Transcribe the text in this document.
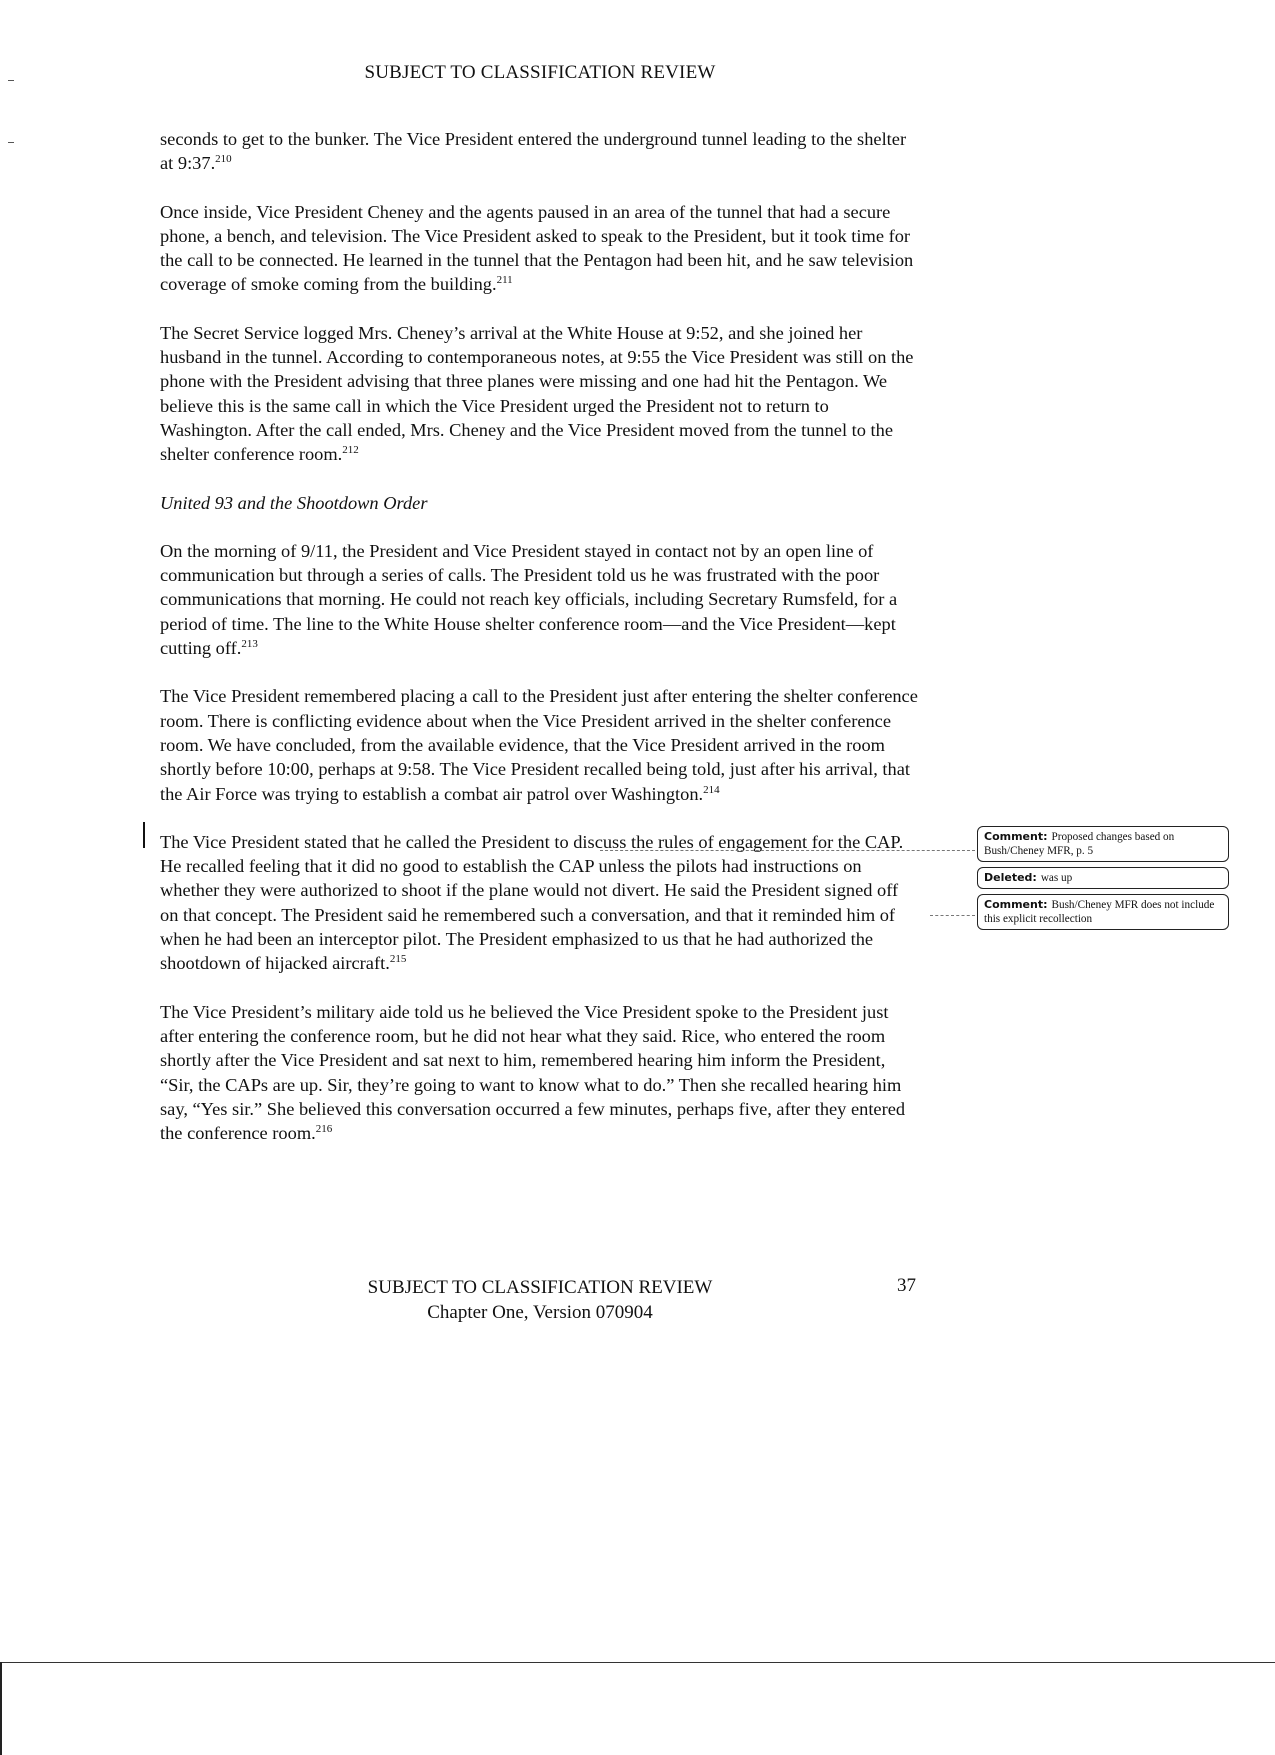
SUBJECT TO CLASSIFICATION REVIEW

seconds to get to the bunker. The Vice President entered the underground tunnel leading to the shelter at 9:37.$^{210}$

Once inside, Vice President Cheney and the agents paused in an area of the tunnel that had a secure phone, a bench, and television. The Vice President asked to speak to the President, but it took time for the call to be connected. He learned in the tunnel that the Pentagon had been hit, and he saw television coverage of smoke coming from the building.$^{211}$

The Secret Service logged Mrs. Cheney’s arrival at the White House at 9:52, and she joined her husband in the tunnel. According to contemporaneous notes, at 9:55 the Vice President was still on the phone with the President advising that three planes were missing and one had hit the Pentagon. We believe this is the same call in which the Vice President urged the President not to return to Washington. After the call ended, Mrs. Cheney and the Vice President moved from the tunnel to the shelter conference room.$^{212}$

United 93 and the Shootdown Order

On the morning of 9/11, the President and Vice President stayed in contact not by an open line of communication but through a series of calls. The President told us he was frustrated with the poor communications that morning. He could not reach key officials, including Secretary Rumsfeld, for a period of time. The line to the White House shelter conference room—and the Vice President—kept cutting off.$^{213}$

The Vice President remembered placing a call to the President just after entering the shelter conference room. There is conflicting evidence about when the Vice President arrived in the shelter conference room. We have concluded, from the available evidence, that the Vice President arrived in the room shortly before 10:00, perhaps at 9:58. The Vice President recalled being told, just after his arrival, that the Air Force was trying to establish a combat air patrol over Washington.$^{214}$

The Vice President stated that he called the President to discuss the rules of engagement for the CAP. He recalled feeling that it did no good to establish the CAP unless the pilots had instructions on whether they were authorized to shoot if the plane would not divert. He said the President signed off on that concept. The President said he remembered such a conversation, and that it reminded him of when he had been an interceptor pilot. The President emphasized to us that he had authorized the shootdown of hijacked aircraft.$^{215}$

The Vice President’s military aide told us he believed the Vice President spoke to the President just after entering the conference room, but he did not hear what they said. Rice, who entered the room shortly after the Vice President and sat next to him, remembered hearing him inform the President, “Sir, the CAPs are up. Sir, they’re going to want to know what to do.” Then she recalled hearing him say, “Yes sir.” She believed this conversation occurred a few minutes, perhaps five, after they entered the conference room.$^{216}$

Comment: Proposed changes based on Bush/Cheney MFR, p. 5
Deleted: was up
Comment: Bush/Cheney MFR does not include this explicit recollection
SUBJECT TO CLASSIFICATION REVIEW
Chapter One, Version 070904
37
